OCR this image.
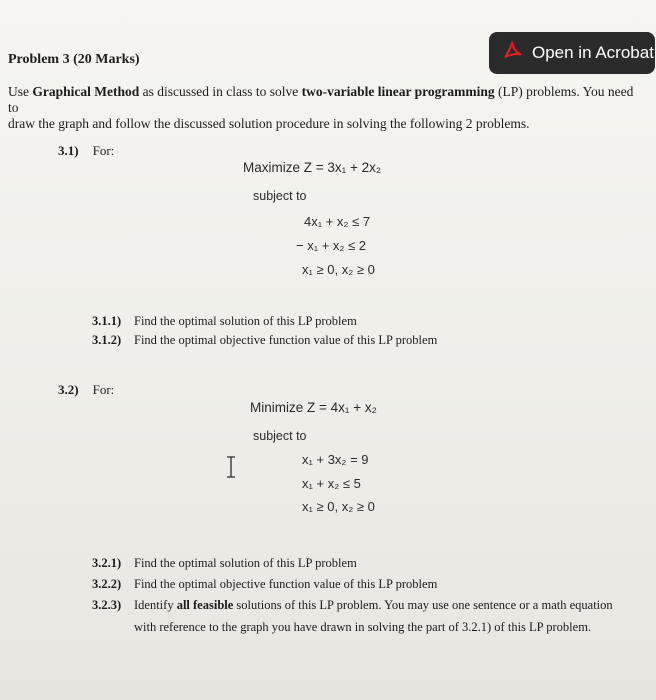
Open in Acrobat
Problem 3 (20 Marks)
Use Graphical Method as discussed in class to solve two-variable linear programming (LP) problems. You need to
draw the graph and follow the discussed solution procedure in solving the following 2 problems.
3.1) For:
Maximize Z = 3x₁ + 2x₂
subject to
4x₁ + x₂ ≤ 7
− x₁ + x₂ ≤ 2
x₁ ≥ 0, x₂ ≥ 0
3.1.1) Find the optimal solution of this LP problem
3.1.2) Find the optimal objective function value of this LP problem
3.2) For:
Minimize Z = 4x₁ + x₂
subject to
x₁ + 3x₂ = 9
x₁ + x₂ ≤ 5
x₁ ≥ 0, x₂ ≥ 0
3.2.1) Find the optimal solution of this LP problem
3.2.2) Find the optimal objective function value of this LP problem
3.2.3) Identify all feasible solutions of this LP problem. You may use one sentence or a math equation
with reference to the graph you have drawn in solving the part of 3.2.1) of this LP problem.
